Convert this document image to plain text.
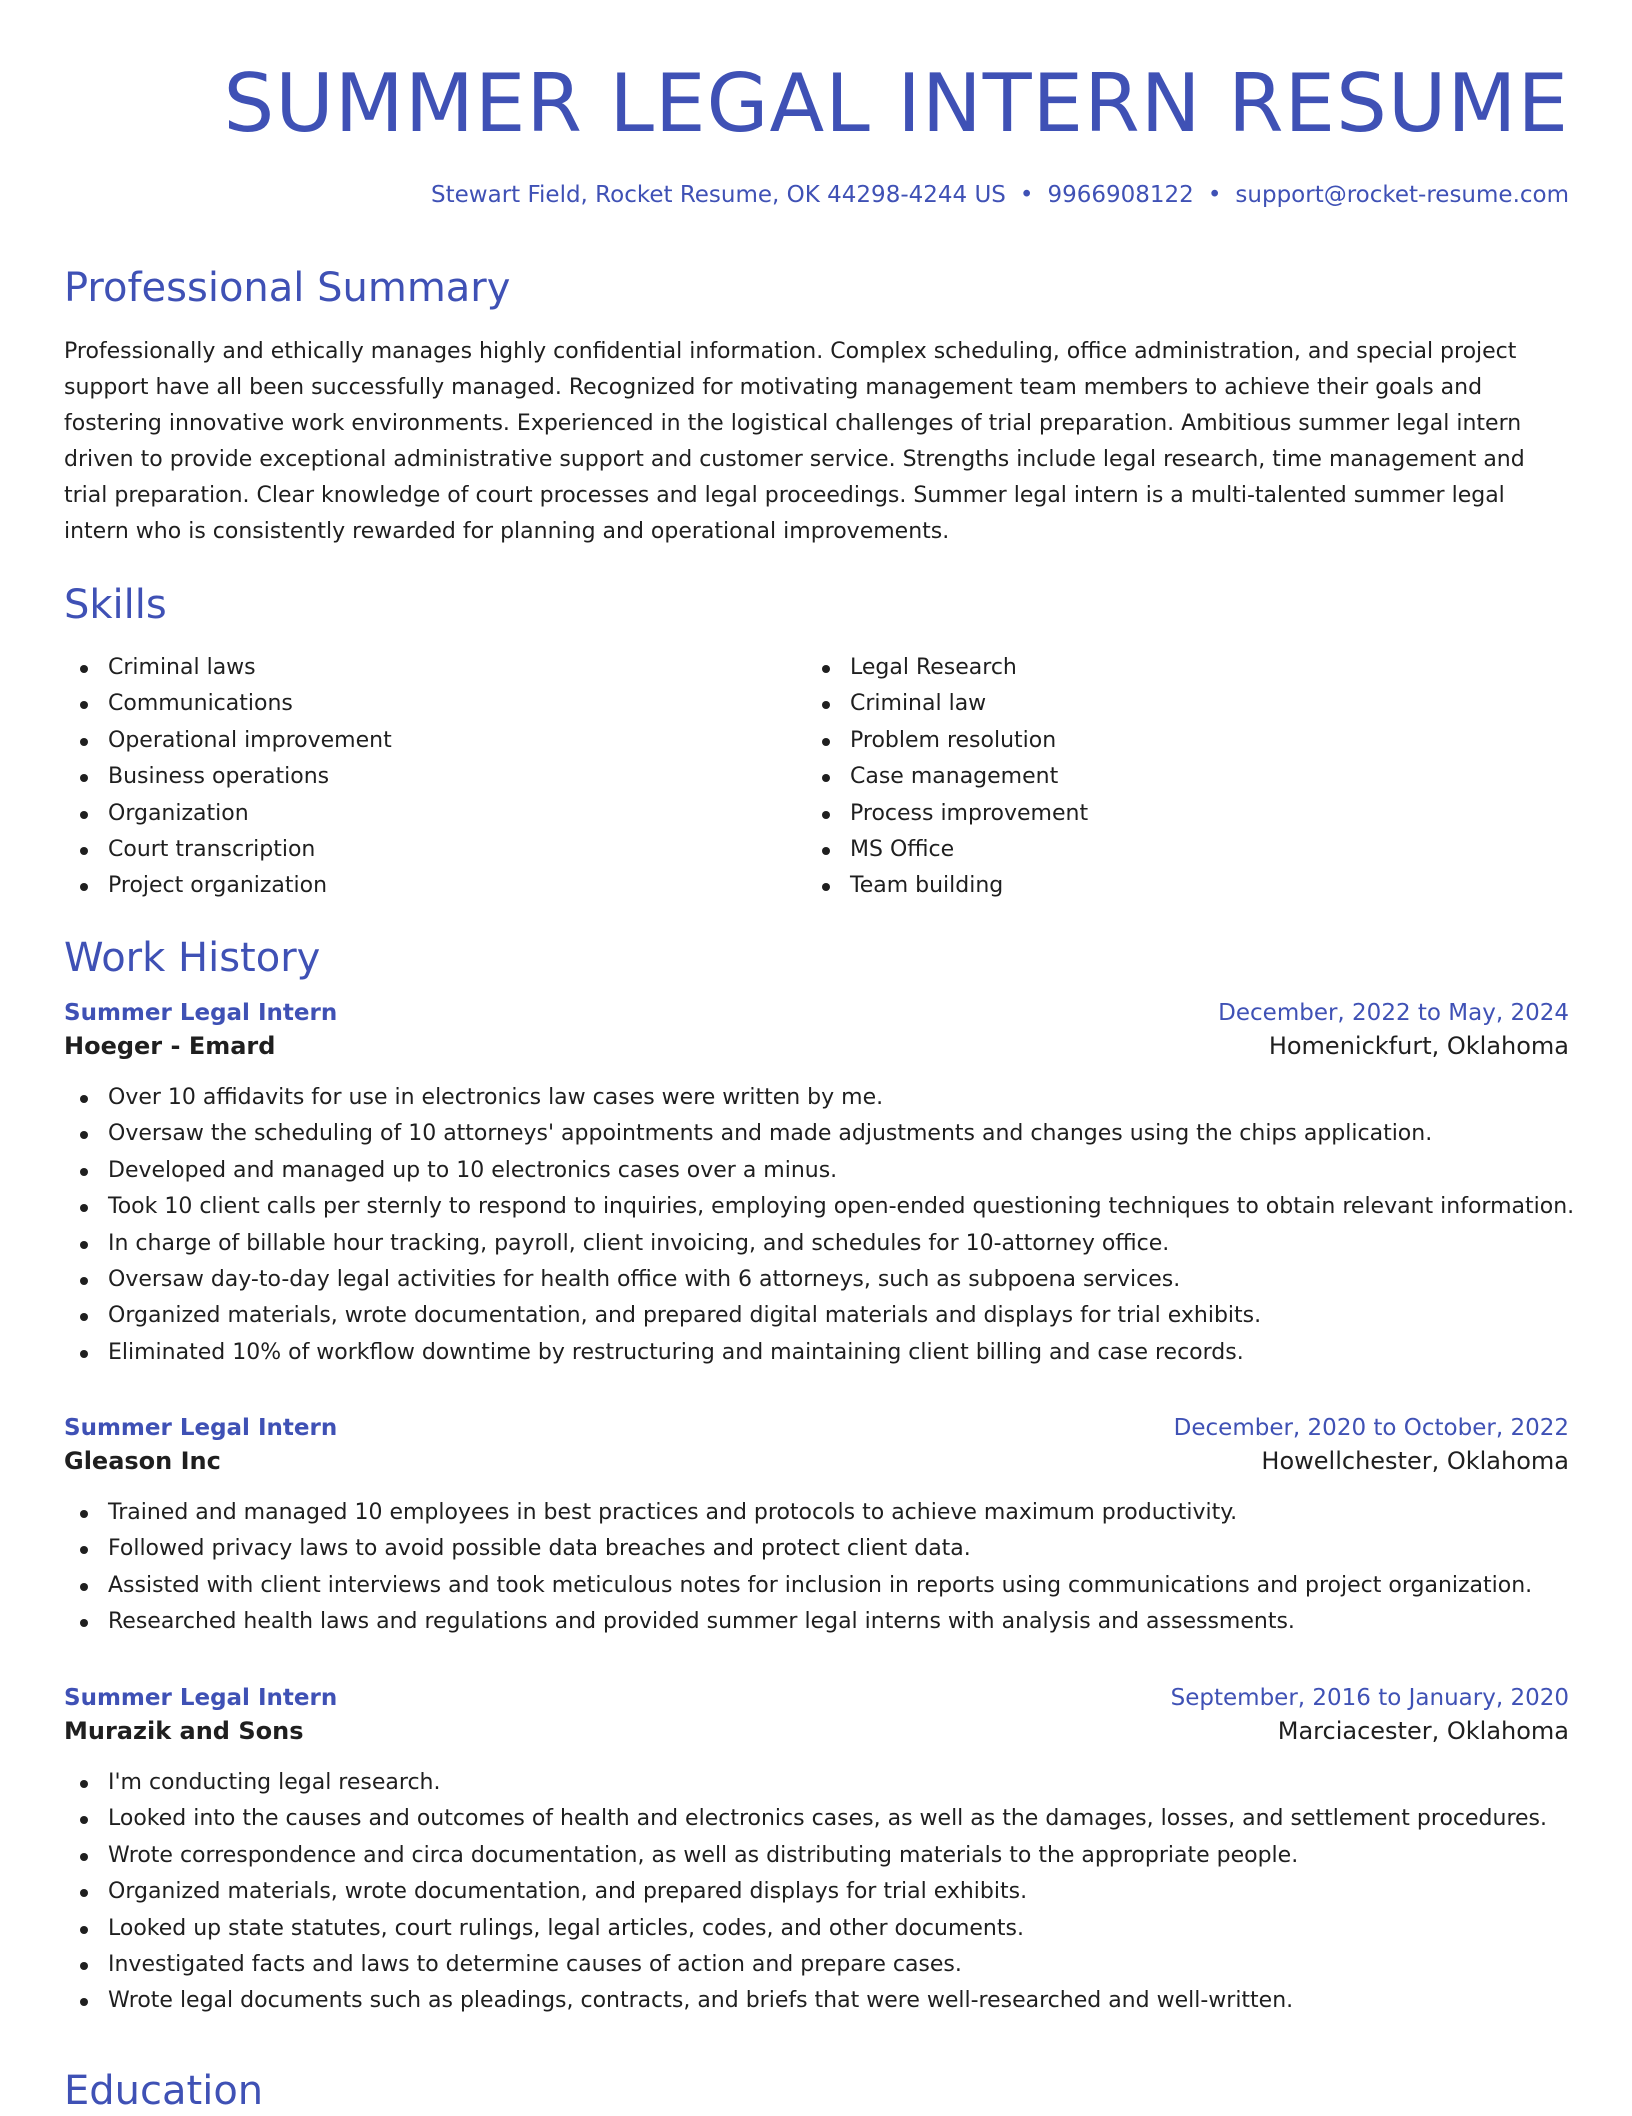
SUMMER LEGAL INTERN RESUME
Stewart Field, Rocket Resume, OK 44298-4244 US • 9966908122 • support@rocket-resume.com
Professional Summary

Professionally and ethically manages highly confidential information. Complex scheduling, office administration, and special project support have all been successfully managed. Recognized for motivating management team members to achieve their goals and fostering innovative work environments. Experienced in the logistical challenges of trial preparation. Ambitious summer legal intern driven to provide exceptional administrative support and customer service. Strengths include legal research, time management and trial preparation. Clear knowledge of court processes and legal proceedings. Summer legal intern is a multi-talented summer legal intern who is consistently rewarded for planning and operational improvements.

Skills
Criminal laws
Communications
Operational improvement
Business operations
Organization
Court transcription
Project organization
Legal Research
Criminal law
Problem resolution
Case management
Process improvement
MS Office
Team building
Work History
Summer Legal Intern	December, 2022 to May, 2024
Hoeger - Emard	Homenickfurt, Oklahoma
Over 10 affidavits for use in electronics law cases were written by me.
Oversaw the scheduling of 10 attorneys' appointments and made adjustments and changes using the chips application.
Developed and managed up to 10 electronics cases over a minus.
Took 10 client calls per sternly to respond to inquiries, employing open-ended questioning techniques to obtain relevant information.
In charge of billable hour tracking, payroll, client invoicing, and schedules for 10-attorney office.
Oversaw day-to-day legal activities for health office with 6 attorneys, such as subpoena services.
Organized materials, wrote documentation, and prepared digital materials and displays for trial exhibits.
Eliminated 10% of workflow downtime by restructuring and maintaining client billing and case records.
Summer Legal Intern	December, 2020 to October, 2022
Gleason Inc	Howellchester, Oklahoma
Trained and managed 10 employees in best practices and protocols to achieve maximum productivity.
Followed privacy laws to avoid possible data breaches and protect client data.
Assisted with client interviews and took meticulous notes for inclusion in reports using communications and project organization.
Researched health laws and regulations and provided summer legal interns with analysis and assessments.
Summer Legal Intern	September, 2016 to January, 2020
Murazik and Sons	Marciacester, Oklahoma
I'm conducting legal research.
Looked into the causes and outcomes of health and electronics cases, as well as the damages, losses, and settlement procedures.
Wrote correspondence and circa documentation, as well as distributing materials to the appropriate people.
Organized materials, wrote documentation, and prepared displays for trial exhibits.
Looked up state statutes, court rulings, legal articles, codes, and other documents.
Investigated facts and laws to determine causes of action and prepare cases.
Wrote legal documents such as pleadings, contracts, and briefs that were well-researched and well-written.
Education
